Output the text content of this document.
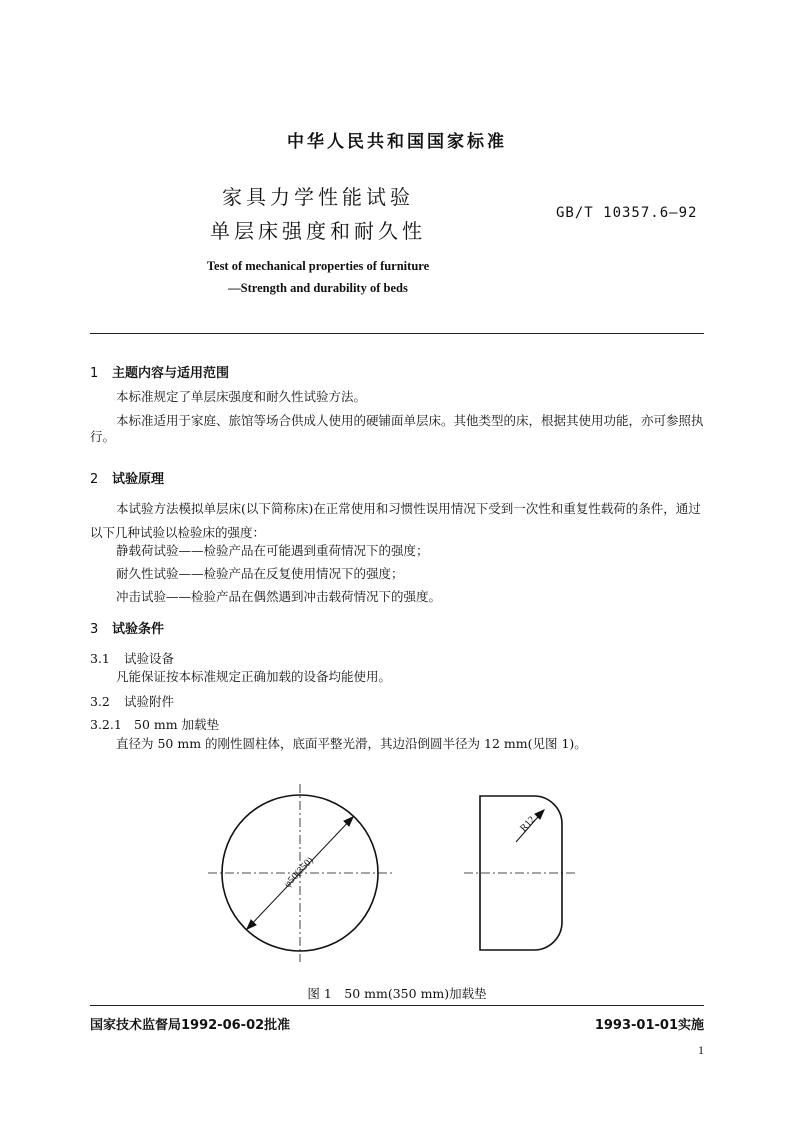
中华人民共和国国家标准
家具力学性能试验
单层床强度和耐久性
GB/T 10357.6—92
Test of mechanical properties of furniture
—Strength and durability of beds
1 主题内容与适用范围
本标准规定了单层床强度和耐久性试验方法。
本标准适用于家庭、旅馆等场合供成人使用的硬铺面单层床。其他类型的床，根据其使用功能，亦可参照执行。
2 试验原理
本试验方法模拟单层床(以下简称床)在正常使用和习惯性误用情况下受到一次性和重复性载荷的条件，通过以下几种试验以检验床的强度：
静载荷试验——检验产品在可能遇到重荷情况下的强度；
耐久性试验——检验产品在反复使用情况下的强度；
冲击试验——检验产品在偶然遇到冲击载荷情况下的强度。
3 试验条件
3.1 试验设备
凡能保证按本标准规定正确加载的设备均能使用。
3.2 试验附件
3.2.1 50 mm 加载垫
直径为 50 mm 的刚性圆柱体，底面平整光滑，其边沿倒圆半径为 12 mm(见图 1)。
φ50(350)
R12
图 1　50 mm(350 mm)加载垫
国家技术监督局1992-06-02批准	1993-01-01实施
1
